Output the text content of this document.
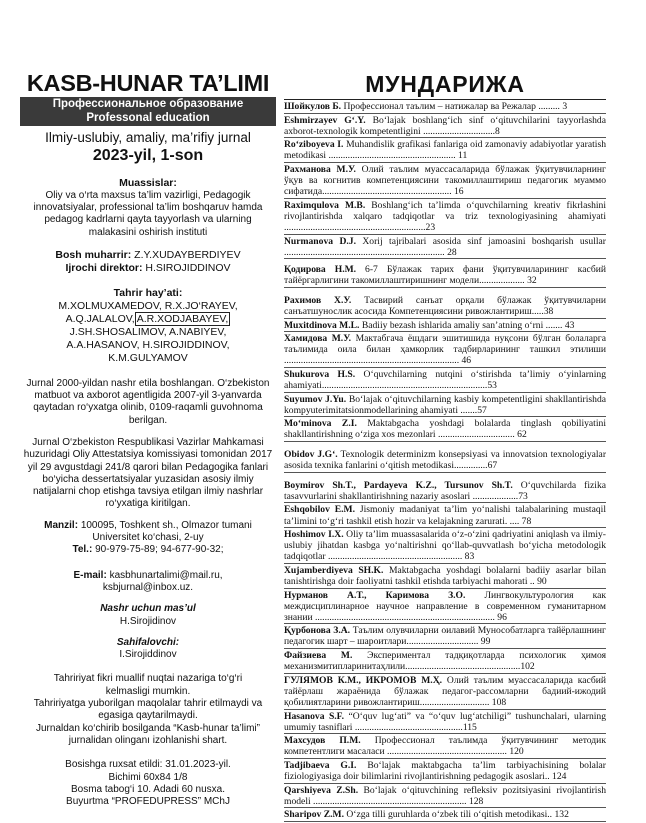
KASB-HUNAR TA’LIMI
Профессиональное образование
Professonal education
Ilmiy-uslubiy, amaliy, ma’rifiy jurnal
2023-yil, 1-son
Muassislar:
Oliy va o‘rta maxsus ta’lim vazirligi, Pedagogik innovatsiyalar, professional ta’lim boshqaruv hamda pedagog kadrlarni qayta tayyorlash va ularning malakasini oshirish instituti
Bosh muharrir: Z.Y.XUDAYBERDIYEV
Ijrochi direktor: H.SIROJIDDINOV
Tahrir hay’ati:
M.XOLMUXAMEDOV, R.X.JO‘RAYEV,
A.Q.JALALOV, A.R.XODJABAYEV,
J.SH.SHOSALIMOV, A.NABIYEV,
A.A.HASANOV, H.SIROJIDDINOV,
K.M.GULYAMOV
Jurnal 2000-yildan nashr etila boshlangan. O‘zbekiston matbuot va axborot agentligida 2007-yil 3-yanvarda qaytadan ro‘yxatga olinib, 0109-raqamli guvohnoma berilgan.
Jurnal O‘zbekiston Respublikasi Vazirlar Mahkamasi huzuridagi Oliy Attestatsiya komissiyasi tomonidan 2017 yil 29 avgustdagi 241/8 qarori bilan Pedagogika fanlari bo‘yicha dessertatsiyalar yuzasidan asosiy ilmiy natijalarni chop etishga tavsiya etilgan ilmiy nashrlar ro‘yxatiga kiritilgan.
Manzil: 100095, Toshkent sh., Olmazor tumani
Universitet ko‘chasi, 2-uy
Tel.: 90-979-75-89; 94-677-90-32;
E-mail: kasbhunartalimi@mail.ru,
ksbjurnal@inbox.uz.
Nashr uchun mas’ul
H.Sirojidinov
Sahifalovchi:
I.Sirojiddinov
Tahririyat fikri muallif nuqtai nazariga to‘g‘ri kelmasligi mumkin.
Tahririyatga yuborilgan maqolalar tahrir etilmaydi va egasiga qaytarilmaydi.
Jurnaldan ko‘chirib bosilganda “Kasb-hunar ta’limi” jurnalidan olinganı izohlanishi shart.
Bosishga ruxsat etildi: 31.01.2023-yil.
Bichimi 60x84 1/8
Bosma tabog‘i 10. Adadi 60 nusxa.
Buyurtma “PROFEDUPRESS” MChJ
МУНДАРИЖА
Шойкулов Б. Профессионал таълим – натижалар ва Режалар ......... 3
Eshmirzayev G‘.Y. Bo‘lajak boshlang‘ich sinf o‘qituvchilarini tayyorlashda axborot-texnologik kompetentligini ..............................8
Ro‘ziboyeva I. Muhandislik grafikasi fanlariga oid zamonaviy adabiyotlar yaratish metodikasi ..................................................... 11
Рахманова М.У. Олий таълим муассасаларида бўлажак ўқитувчиларнинг ўқув ва когнитив компетенциясини такомиллаштириш педагогик муаммо сифатида...................................................... 16
Raximqulova M.B. Boshlang‘ich ta’limda o‘quvchilarning kreativ fikrlashini rivojlantirishda xalqaro tadqiqotlar va triz texnologiyasining ahamiyati ...........................................................23
Nurmanova D.J. Xorij tajribalari asosida sinf jamoasini boshqarish usullar ................................................................... 28
Қодирова Н.М. 6-7 Бўлажак тарих фани ўқитувчиларининг касбий тайёргарлигини такомиллаштиришнинг модели................... 32
Рахимов Х.У. Тасвирий санъат орқали бўлажак ўқитувчиларни санъатшунослик асосида Компетенциясини ривожлантириш.....38
Muxitdinova M.L. Badiiy bezash ishlarida amaliy san’atning o‘rni ....... 43
Хамидова М.У. Мактабгача ёшдаги эшитишида нуқсони бўлган болаларга таълимида оила билан ҳамкорлик тадбирларининг ташкил этилиши ......................................................................... 46
Shukurova H.S. O‘quvchilarning nutqini o‘stirishda ta’limiy o‘yinlarning ahamiyati.....................................................................53
Suyumov J.Yu. Bo‘lajak o‘qituvchilarning kasbiy kompetentligini shakllantirishda kompyuterimitatsionmodellarining ahamiyati .......57
Mo‘minova Z.I. Maktabgacha yoshdagi bolalarda tinglash qobiliyatini shakllantirishning o‘ziga xos mezonlari ................................ 62
Obidov J.G‘. Texnologik determinizm konsepsiyasi va innovatsion texnologiyalar asosida texnika fanlarini o‘qitish metodikasi..............67
Boymirov Sh.T., Pardayeva K.Z., Tursunov Sh.T. O‘quvchilarda fizika tasavvurlarini shakllantirishning nazariy asoslari ...................73
Eshqobilov E.M. Jismoniy madaniyat ta’lim yo‘nalishi talabalarining mustaqil ta’limini to‘g‘ri tashkil etish hozir va kelajakning zarurati. .... 78
Hoshimov I.X. Oliy ta’lim muassasalarida o‘z-o‘zini qadriyatini aniqlash va ilmiy-uslubiy jihatdan kasbga yo‘naltirishni qo‘llab-quvvatlash bo‘yicha metodologik tadqiqotlar ........................................................ 83
Xujamberdiyeva SH.K. Maktabgacha yoshdagi bolalarni badiiy asarlar bilan tanishtirishga doir faoliyatni tashkil etishda tarbiyachi mahorati .. 90
Нурманов А.Т., Каримова З.О. Лингвокультурология как междисциплинарное научное направление в современном гуманитарном знании ........................................................................... 96
Қурбонова З.А. Таълим олувчиларни оилавий Мунособатларга тайёрлашнинг педагогик шарт – шароитлари.............................. 99
Файзиева М. Экспериментал тадқиқотларда психологик ҳимоя механизмитипларинитаҳлили................................................102
ГУЛЯМОВ К.М., ИКРОМОВ М.Ҳ. Олий таълим муассасаларида касбий тайёрлаш жараёнида бўлажак педагог-рассомларни бадиий-ижодий қобилиятларини ривожлантириш............................. 108
Hasanova S.F. “O‘quv lug‘ati” va “o‘quv lug‘atchiligi” tushunchalari, ularning umumiy tasniflari .............................................115
Махсудов П.М. Профессионал таълимда ўқитувчининг методик компетентлиги масаласи .................................................. 120
Tadjibaeva G.I. Bo‘lajak maktabgacha ta’lim tarbiyachisining bolalar fiziologiyasiga doir bilimlarini rivojlantirishning pedagogik asoslari.. 124
Qarshiyeva Z.Sh. Bo‘lajak o‘qituvchining refleksiv pozitsiyasini rivojlantirish modeli ................................................................ 128
Sharipov Z.M. O‘zga tilli guruhlarda o‘zbek tili o‘qitish metodikasi.. 132
